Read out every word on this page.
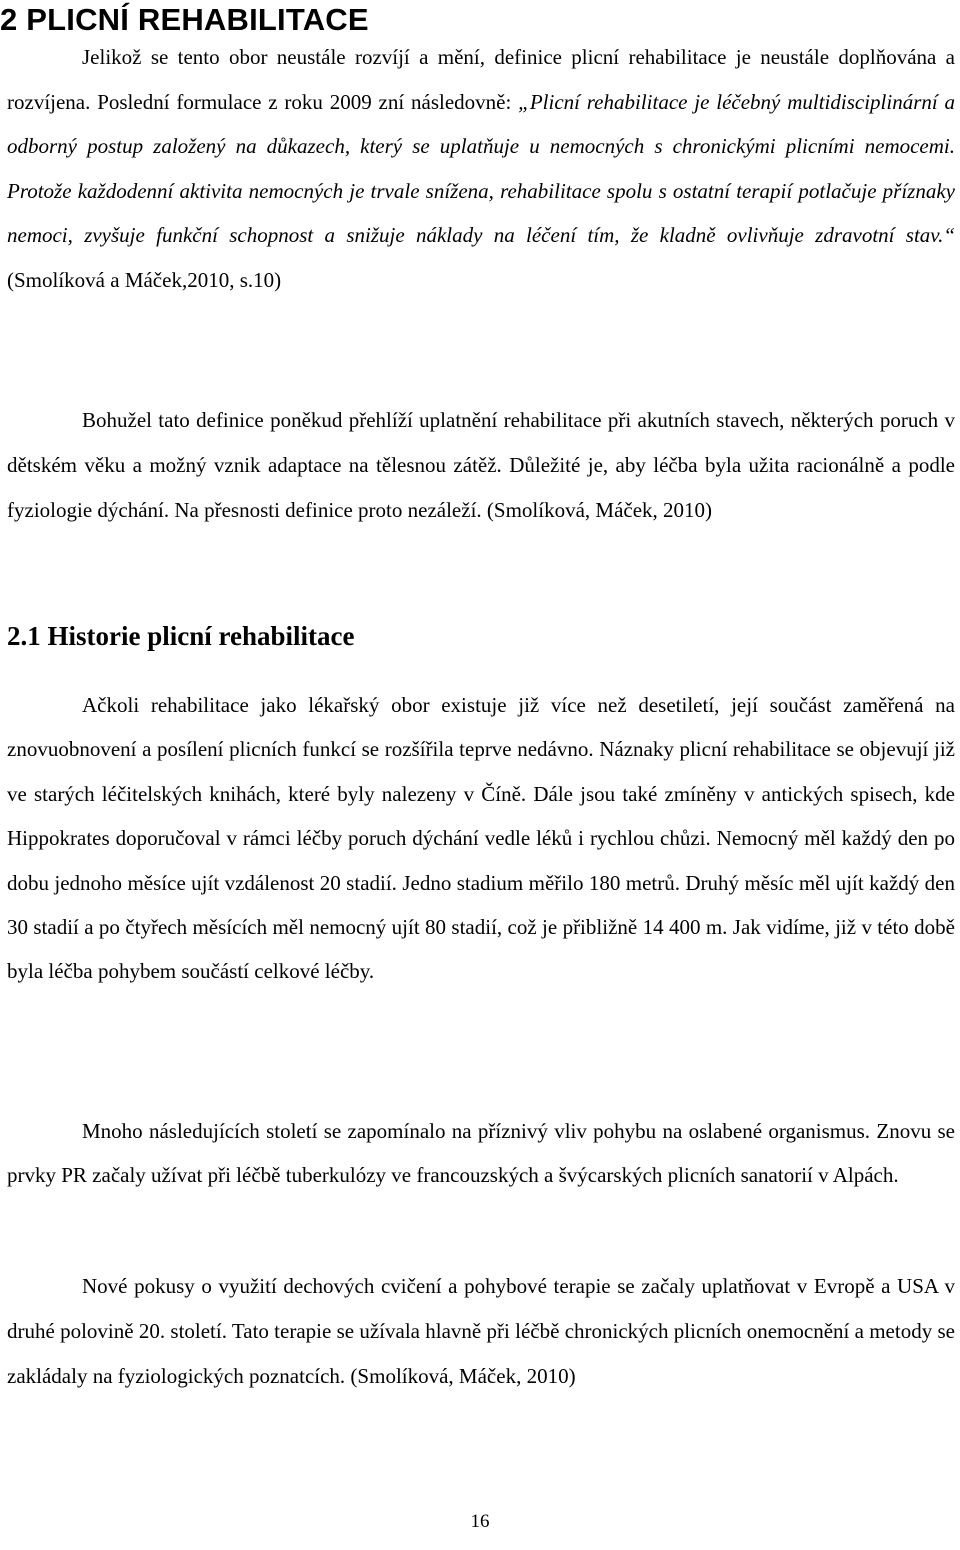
2 PLICNÍ REHABILITACE

Jelikož se tento obor neustále rozvíjí a mění, definice plicní rehabilitace je neustále doplňována a rozvíjena. Poslední formulace z roku 2009 zní následovně: „Plicní rehabilitace je léčebný multidisciplinární a odborný postup založený na důkazech, který se uplatňuje u nemocných s chronickými plicními nemocemi. Protože každodenní aktivita nemocných je trvale snížena, rehabilitace spolu s ostatní terapií potlačuje příznaky nemoci, zvyšuje funkční schopnost a snižuje náklady na léčení tím, že kladně ovlivňuje zdravotní stav.“ (Smolíková a Máček,2010, s.10)

Bohužel tato definice poněkud přehlíží uplatnění rehabilitace při akutních stavech, některých poruch v dětském věku a možný vznik adaptace na tělesnou zátěž. Důležité je, aby léčba byla užita racionálně a podle fyziologie dýchání. Na přesnosti definice proto nezáleží. (Smolíková, Máček, 2010)

2.1 Historie plicní rehabilitace

Ačkoli rehabilitace jako lékařský obor existuje již více než desetiletí, její součást zaměřená na znovuobnovení a posílení plicních funkcí se rozšířila teprve nedávno. Náznaky plicní rehabilitace se objevují již ve starých léčitelských knihách, které byly nalezeny v Číně. Dále jsou také zmíněny v antických spisech, kde Hippokrates doporučoval v rámci léčby poruch dýchání vedle léků i rychlou chůzi. Nemocný měl každý den po dobu jednoho měsíce ujít vzdálenost 20 stadií. Jedno stadium měřilo 180 metrů. Druhý měsíc měl ujít každý den 30 stadií a po čtyřech měsících měl nemocný ujít 80 stadií, což je přibližně 14 400 m. Jak vidíme, již v této době byla léčba pohybem součástí celkové léčby.

Mnoho následujících století se zapomínalo na příznivý vliv pohybu na oslabené organismus. Znovu se prvky PR začaly užívat při léčbě tuberkulózy ve francouzských a švýcarských plicních sanatorií v Alpách.

Nové pokusy o využití dechových cvičení a pohybové terapie se začaly uplatňovat v Evropě a USA v druhé polovině 20. století. Tato terapie se užívala hlavně při léčbě chronických plicních onemocnění a metody se zakládaly na fyziologických poznatcích. (Smolíková, Máček, 2010)

16
